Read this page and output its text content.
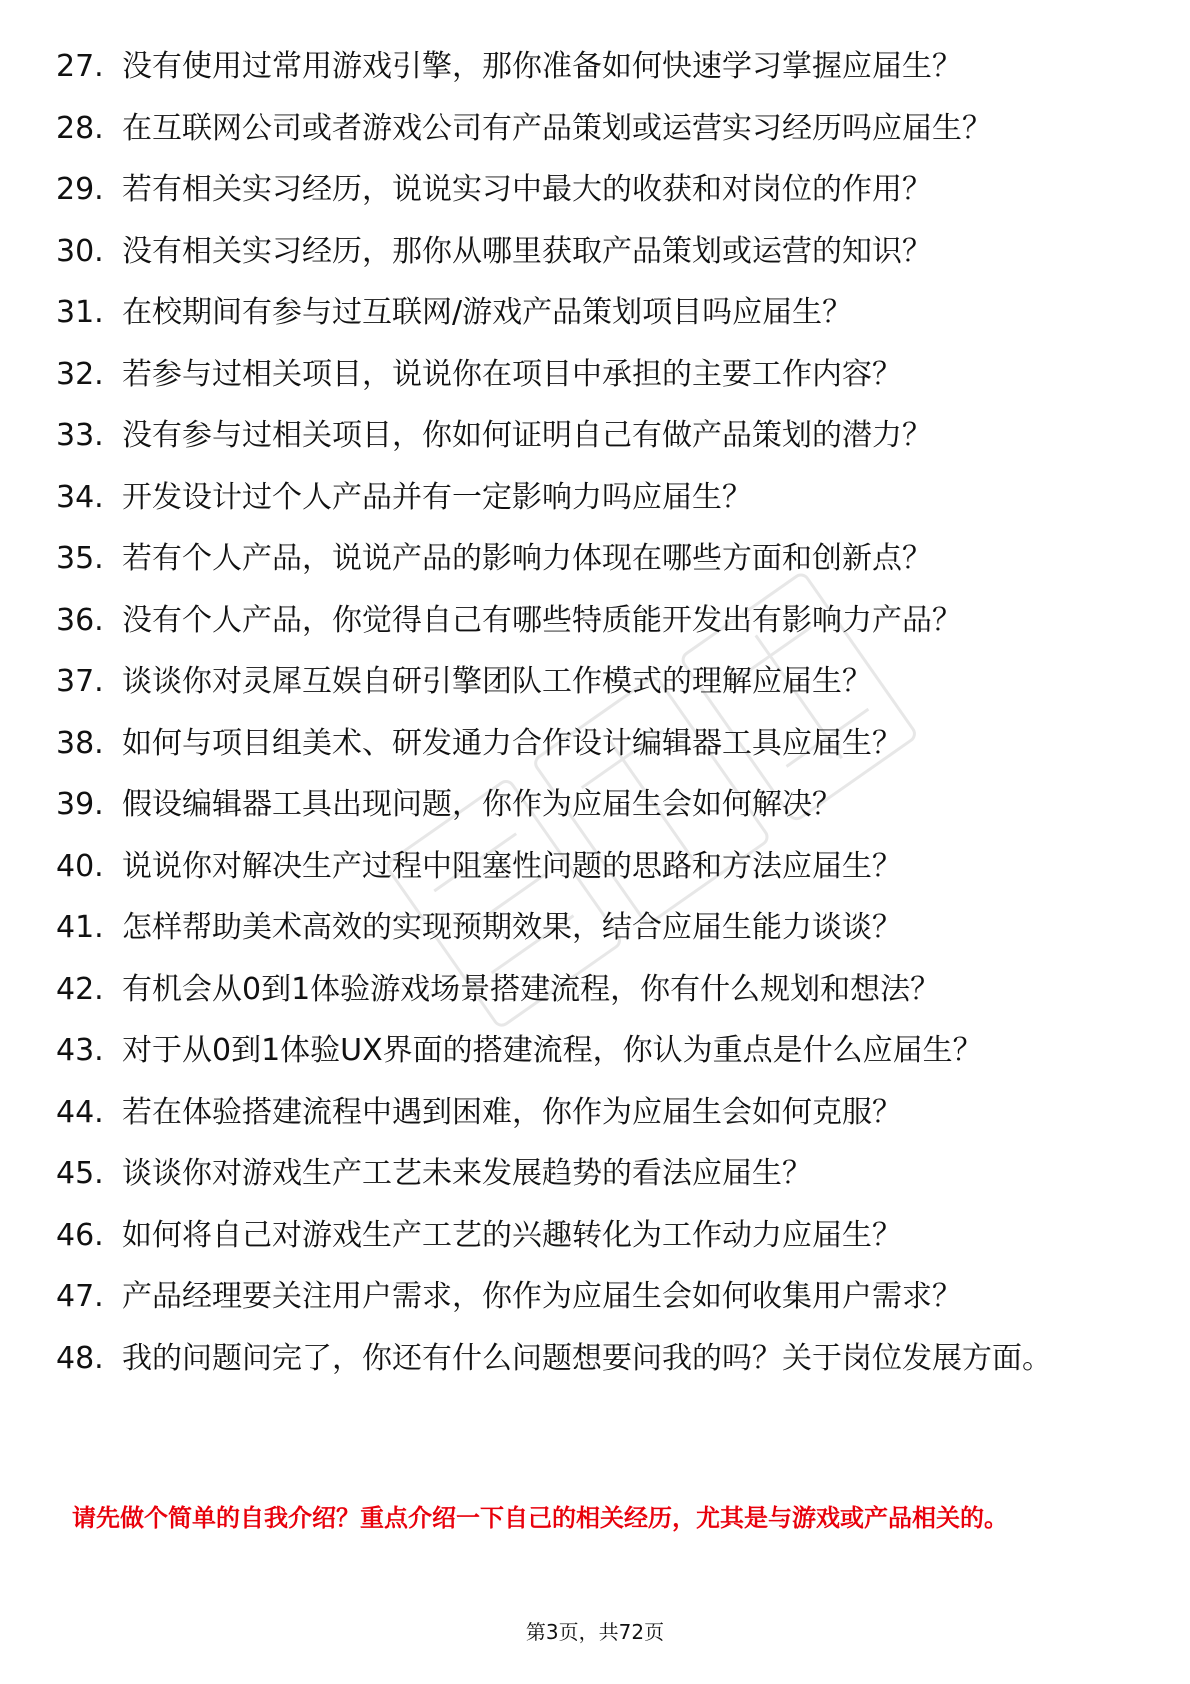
27. 没有使用过常用游戏引擎，那你准备如何快速学习掌握应届生？
28. 在互联网公司或者游戏公司有产品策划或运营实习经历吗应届生？
29. 若有相关实习经历，说说实习中最大的收获和对岗位的作用？
30. 没有相关实习经历，那你从哪里获取产品策划或运营的知识？
31. 在校期间有参与过互联网/游戏产品策划项目吗应届生？
32. 若参与过相关项目，说说你在项目中承担的主要工作内容？
33. 没有参与过相关项目，你如何证明自己有做产品策划的潜力？
34. 开发设计过个人产品并有一定影响力吗应届生？
35. 若有个人产品，说说产品的影响力体现在哪些方面和创新点？
36. 没有个人产品，你觉得自己有哪些特质能开发出有影响力产品？
37. 谈谈你对灵犀互娱自研引擎团队工作模式的理解应届生？
38. 如何与项目组美术、研发通力合作设计编辑器工具应届生？
39. 假设编辑器工具出现问题，你作为应届生会如何解决？
40. 说说你对解决生产过程中阻塞性问题的思路和方法应届生？
41. 怎样帮助美术高效的实现预期效果，结合应届生能力谈谈？
42. 有机会从0到1体验游戏场景搭建流程，你有什么规划和想法？
43. 对于从0到1体验UX界面的搭建流程，你认为重点是什么应届生？
44. 若在体验搭建流程中遇到困难，你作为应届生会如何克服？
45. 谈谈你对游戏生产工艺未来发展趋势的看法应届生？
46. 如何将自己对游戏生产工艺的兴趣转化为工作动力应届生？
47. 产品经理要关注用户需求，你作为应届生会如何收集用户需求？
48. 我的问题问完了，你还有什么问题想要问我的吗？关于岗位发展方面。
请先做个简单的自我介绍？重点介绍一下自己的相关经历，尤其是与游戏或产品相关的。
第3页，共72页
